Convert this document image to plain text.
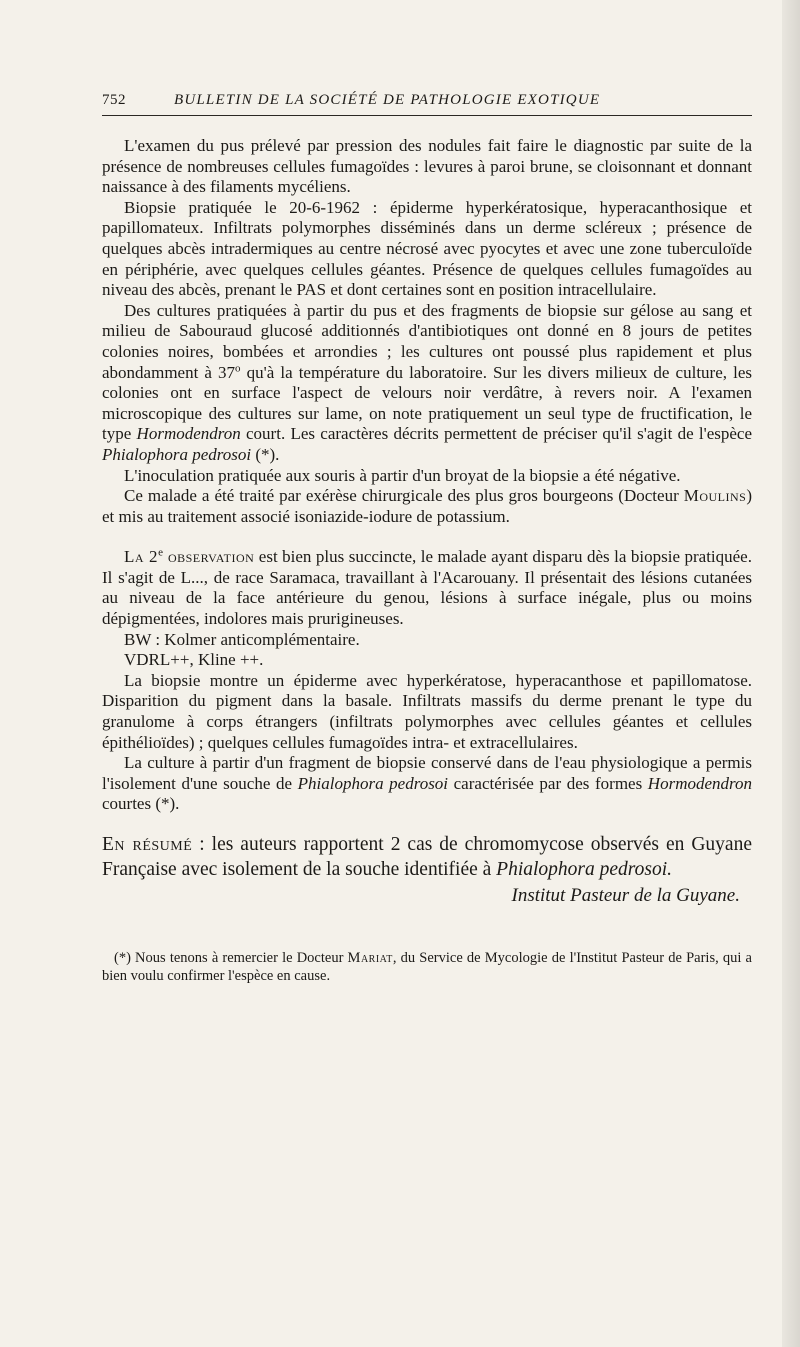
752	BULLETIN DE LA SOCIÉTÉ DE PATHOLOGIE EXOTIQUE

L'examen du pus prélevé par pression des nodules fait faire le diagnostic par suite de la présence de nombreuses cellules fumagoïdes : levures à paroi brune, se cloisonnant et donnant naissance à des filaments mycéliens.

Biopsie pratiquée le 20-6-1962 : épiderme hyperkératosique, hyperacanthosique et papillomateux. Infiltrats polymorphes disséminés dans un derme scléreux ; présence de quelques abcès intradermiques au centre nécrosé avec pyocytes et avec une zone tuberculoïde en périphérie, avec quelques cellules géantes. Présence de quelques cellules fumagoïdes au niveau des abcès, prenant le PAS et dont certaines sont en position intracellulaire.

Des cultures pratiquées à partir du pus et des fragments de biopsie sur gélose au sang et milieu de Sabouraud glucosé additionnés d'antibiotiques ont donné en 8 jours de petites colonies noires, bombées et arrondies ; les cultures ont poussé plus rapidement et plus abondamment à 37$^o$ qu'à la température du laboratoire. Sur les divers milieux de culture, les colonies ont en surface l'aspect de velours noir verdâtre, à revers noir. A l'examen microscopique des cultures sur lame, on note pratiquement un seul type de fructification, le type Hormodendron court. Les caractères décrits permettent de préciser qu'il s'agit de l'espèce Phialophora pedrosoi (*).

L'inoculation pratiquée aux souris à partir d'un broyat de la biopsie a été négative.

Ce malade a été traité par exérèse chirurgicale des plus gros bourgeons (Docteur Moulins) et mis au traitement associé isoniazide-iodure de potassium.

La 2e observation est bien plus succincte, le malade ayant disparu dès la biopsie pratiquée. Il s'agit de L..., de race Saramaca, travaillant à l'Acarouany. Il présentait des lésions cutanées au niveau de la face antérieure du genou, lésions à surface inégale, plus ou moins dépigmentées, indolores mais prurigineuses.

BW : Kolmer anticomplémentaire.

VDRL++, Kline ++.

La biopsie montre un épiderme avec hyperkératose, hyperacanthose et papillomatose. Disparition du pigment dans la basale. Infiltrats massifs du derme prenant le type du granulome à corps étrangers (infiltrats polymorphes avec cellules géantes et cellules épithélioïdes) ; quelques cellules fumagoïdes intra- et extracellulaires.

La culture à partir d'un fragment de biopsie conservé dans de l'eau physiologique a permis l'isolement d'une souche de Phialophora pedrosoi caractérisée par des formes Hormodendron courtes (*).

En résumé : les auteurs rapportent 2 cas de chromomycose observés en Guyane Française avec isolement de la souche identifiée à Phialophora pedrosoi.

Institut Pasteur de la Guyane.

(*) Nous tenons à remercier le Docteur Mariat, du Service de Mycologie de l'Institut Pasteur de Paris, qui a bien voulu confirmer l'espèce en cause.
